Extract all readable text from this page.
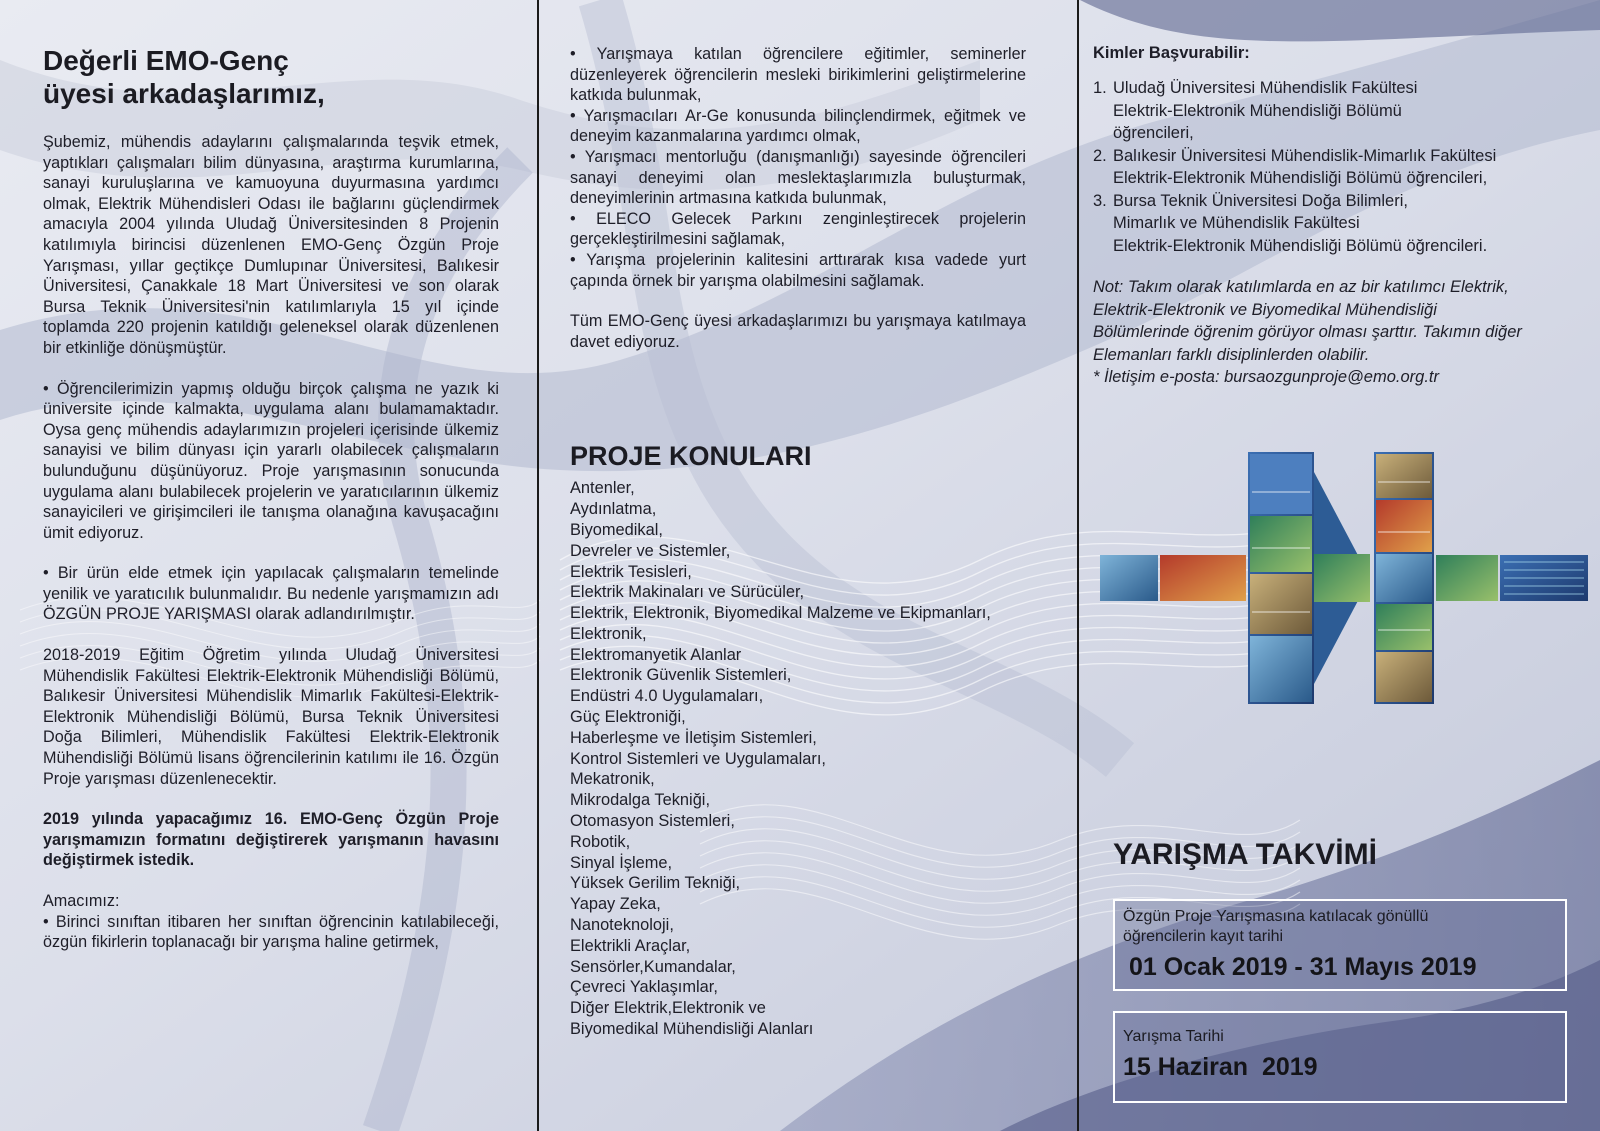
Değerli EMO-Genç

üyesi arkadaşlarımız,

Şubemiz, mühendis adaylarını çalışmalarında teşvik etmek, yaptıkları çalışmaları bilim dünyasına, araştırma kurumlarına, sanayi kuruluşlarına ve kamuoyuna duyurmasına yardımcı olmak, Elektrik Mühendisleri Odası ile bağlarını güçlendirmek amacıyla 2004 yılında Uludağ Üniversitesinden 8 Projenin katılımıyla birincisi düzenlenen EMO-Genç Özgün Proje Yarışması, yıllar geçtikçe Dumlupınar Üniversitesi, Balıkesir Üniversitesi, Çanakkale 18 Mart Üniversitesi ve son olarak Bursa Teknik Üniversitesi'nin katılımlarıyla 15 yıl içinde toplamda 220 projenin katıldığı geleneksel olarak düzenlenen bir etkinliğe dönüşmüştür.

• Öğrencilerimizin yapmış olduğu birçok çalışma ne yazık ki üniversite içinde kalmakta, uygulama alanı bulamamaktadır. Oysa genç mühendis adaylarımızın projeleri içerisinde ülkemiz sanayisi ve bilim dünyası için yararlı olabilecek çalışmaların bulunduğunu düşünüyoruz. Proje yarışmasının sonucunda uygulama alanı bulabilecek projelerin ve yaratıcılarının ülkemiz sanayicileri ve girişimcileri ile tanışma olanağına kavuşacağını ümit ediyoruz.

• Bir ürün elde etmek için yapılacak çalışmaların temelinde yenilik ve yaratıcılık bulunmalıdır. Bu nedenle yarışmamızın adı ÖZGÜN PROJE YARIŞMASI olarak adlandırılmıştır.

2018-2019 Eğitim Öğretim yılında Uludağ Üniversitesi Mühendislik Fakültesi Elektrik-Elektronik Mühendisliği Bölümü, Balıkesir Üniversitesi Mühendislik Mimarlık Fakültesi-Elektrik-Elektronik Mühendisliği Bölümü, Bursa Teknik Üniversitesi Doğa Bilimleri, Mühendislik Fakültesi Elektrik-Elektronik Mühendisliği Bölümü lisans öğrencilerinin katılımı ile 16. Özgün Proje yarışması düzenlenecektir.

2019 yılında yapacağımız 16. EMO-Genç Özgün Proje yarışmamızın formatını değiştirerek yarışmanın havasını değiştirmek istedik.

Amacımız:

• Birinci sınıftan itibaren her sınıftan öğrencinin katılabileceği, özgün fikirlerin toplanacağı bir yarışma haline getirmek,

• Yarışmaya katılan öğrencilere eğitimler, seminerler düzenleyerek öğrencilerin mesleki birikimlerini geliştirmelerine katkıda bulunmak,

• Yarışmacıları Ar-Ge konusunda bilinçlendirmek, eğitmek ve deneyim kazanmalarına yardımcı olmak,

• Yarışmacı mentorluğu (danışmanlığı) sayesinde öğrencileri sanayi deneyimi olan meslektaşlarımızla buluşturmak, deneyimlerinin artmasına katkıda bulunmak,

• ELECO Gelecek Parkını zenginleştirecek projelerin gerçekleştirilmesini sağlamak,

• Yarışma projelerinin kalitesini arttırarak kısa vadede yurt çapında örnek bir yarışma olabilmesini sağlamak.

Tüm EMO-Genç üyesi arkadaşlarımızı bu yarışmaya katılmaya davet ediyoruz.

PROJE KONULARI

Antenler,

Aydınlatma,

Biyomedikal,

Devreler ve Sistemler,

Elektrik Tesisleri,

Elektrik Makinaları ve Sürücüler,

Elektrik, Elektronik, Biyomedikal Malzeme ve Ekipmanları,

Elektronik,

Elektromanyetik Alanlar

Elektronik Güvenlik Sistemleri,

Endüstri 4.0 Uygulamaları,

Güç Elektroniği,

Haberleşme ve İletişim Sistemleri,

Kontrol Sistemleri ve Uygulamaları,

Mekatronik,

Mikrodalga Tekniği,

Otomasyon Sistemleri,

Robotik,

Sinyal İşleme,

Yüksek Gerilim Tekniği,

Yapay Zeka,

Nanoteknoloji,

Elektrikli Araçlar,

Sensörler,Kumandalar,

Çevreci Yaklaşımlar,

Diğer Elektrik,Elektronik ve

Biyomedikal Mühendisliği Alanları

Kimler Başvurabilir:

1. Uludağ Üniversitesi Mühendislik Fakültesi
Elektrik-Elektronik Mühendisliği Bölümü
öğrencileri,
2. Balıkesir Üniversitesi Mühendislik-Mimarlık Fakültesi
Elektrik-Elektronik Mühendisliği Bölümü öğrencileri,
3. Bursa Teknik Üniversitesi Doğa Bilimleri,
Mimarlık ve Mühendislik Fakültesi
Elektrik-Elektronik Mühendisliği Bölümü öğrencileri.

Not: Takım olarak katılımlarda en az bir katılımcı Elektrik,

Elektrik-Elektronik ve Biyomedikal Mühendisliği

Bölümlerinde öğrenim görüyor olması şarttır. Takımın diğer

Elemanları farklı disiplinlerden olabilir.

* İletişim e-posta: bursaozgunproje@emo.org.tr

YARIŞMA TAKVİMİ

Özgün Proje Yarışmasına katılacak gönüllü

öğrencilerin kayıt tarihi

01 Ocak 2019 - 31 Mayıs 2019

Yarışma Tarihi

15 Haziran  2019
